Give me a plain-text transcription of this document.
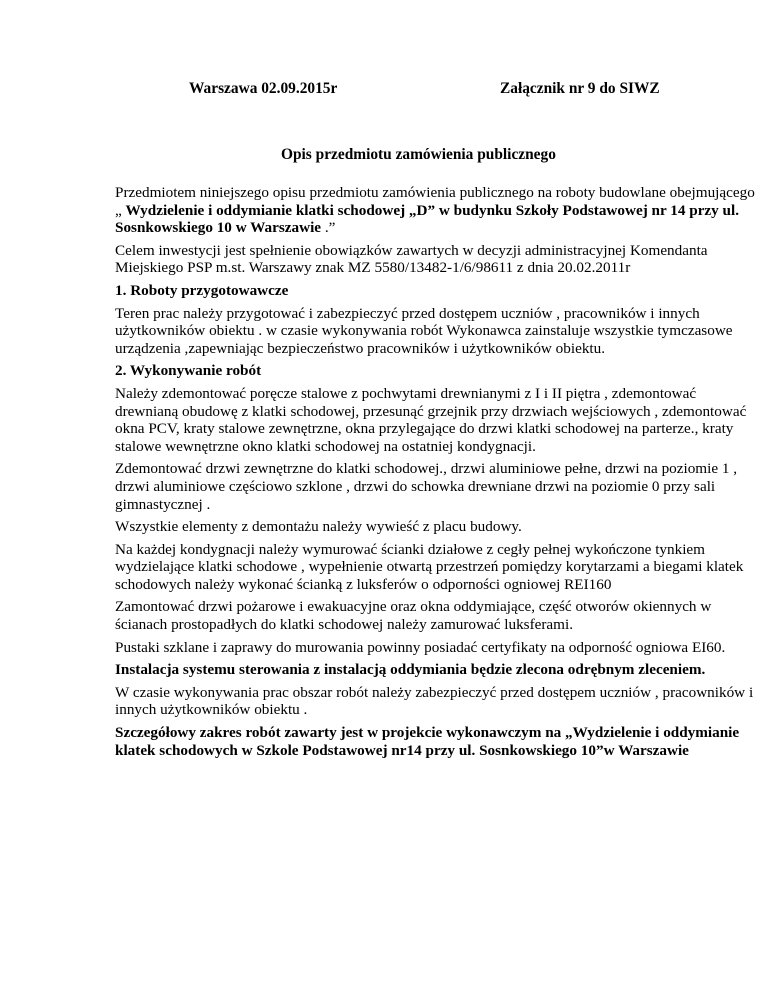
Warszawa 02.09.2015r	Załącznik nr 9 do SIWZ
Opis przedmiotu zamówienia publicznego

Przedmiotem niniejszego opisu przedmiotu zamówienia publicznego na roboty budowlane obejmującego „ Wydzielenie i oddymianie klatki schodowej „D” w budynku Szkoły Podstawowej nr 14 przy ul. Sosnkowskiego 10 w Warszawie .”

Celem inwestycji jest spełnienie obowiązków zawartych w decyzji administracyjnej Komendanta Miejskiego PSP m.st. Warszawy znak MZ 5580/13482-1/6/98611 z dnia 20.02.2011r

1. Roboty przygotowawcze

Teren prac należy przygotować i zabezpieczyć przed dostępem uczniów , pracowników i innych użytkowników obiektu . w czasie wykonywania robót Wykonawca zainstaluje wszystkie tymczasowe urządzenia ,zapewniając bezpieczeństwo pracowników i użytkowników obiektu.

2. Wykonywanie robót

Należy zdemontować poręcze stalowe z pochwytami drewnianymi z I i II piętra , zdemontować drewnianą obudowę z klatki schodowej, przesunąć grzejnik przy drzwiach wejściowych , zdemontować okna PCV, kraty stalowe zewnętrzne, okna przylegające do drzwi klatki schodowej na parterze., kraty stalowe wewnętrzne okno klatki schodowej na ostatniej kondygnacji.

Zdemontować drzwi zewnętrzne do klatki schodowej., drzwi aluminiowe pełne, drzwi na poziomie 1 , drzwi aluminiowe częściowo szklone , drzwi do schowka drewniane drzwi na poziomie 0 przy sali gimnastycznej .

Wszystkie elementy z demontażu należy wywieść z placu budowy.

Na każdej kondygnacji należy wymurować ścianki działowe z cegły pełnej wykończone tynkiem wydzielające klatki schodowe , wypełnienie otwartą przestrzeń pomiędzy korytarzami a biegami klatek schodowych należy wykonać ścianką z luksferów o odporności ogniowej REI160

Zamontować drzwi pożarowe i ewakuacyjne oraz okna oddymiające, część otworów okiennych w ścianach prostopadłych do klatki schodowej należy zamurować luksferami.

Pustaki szklane i zaprawy do murowania powinny posiadać certyfikaty na odporność ogniowa EI60.

Instalacja systemu sterowania z instalacją oddymiania będzie zlecona odrębnym zleceniem.

W czasie wykonywania prac obszar robót należy zabezpieczyć przed dostępem uczniów , pracowników i innych użytkowników obiektu .

Szczegółowy zakres robót zawarty jest w projekcie wykonawczym na „Wydzielenie i oddymianie klatek schodowych w Szkole Podstawowej nr14 przy ul. Sosnkowskiego 10”w Warszawie
